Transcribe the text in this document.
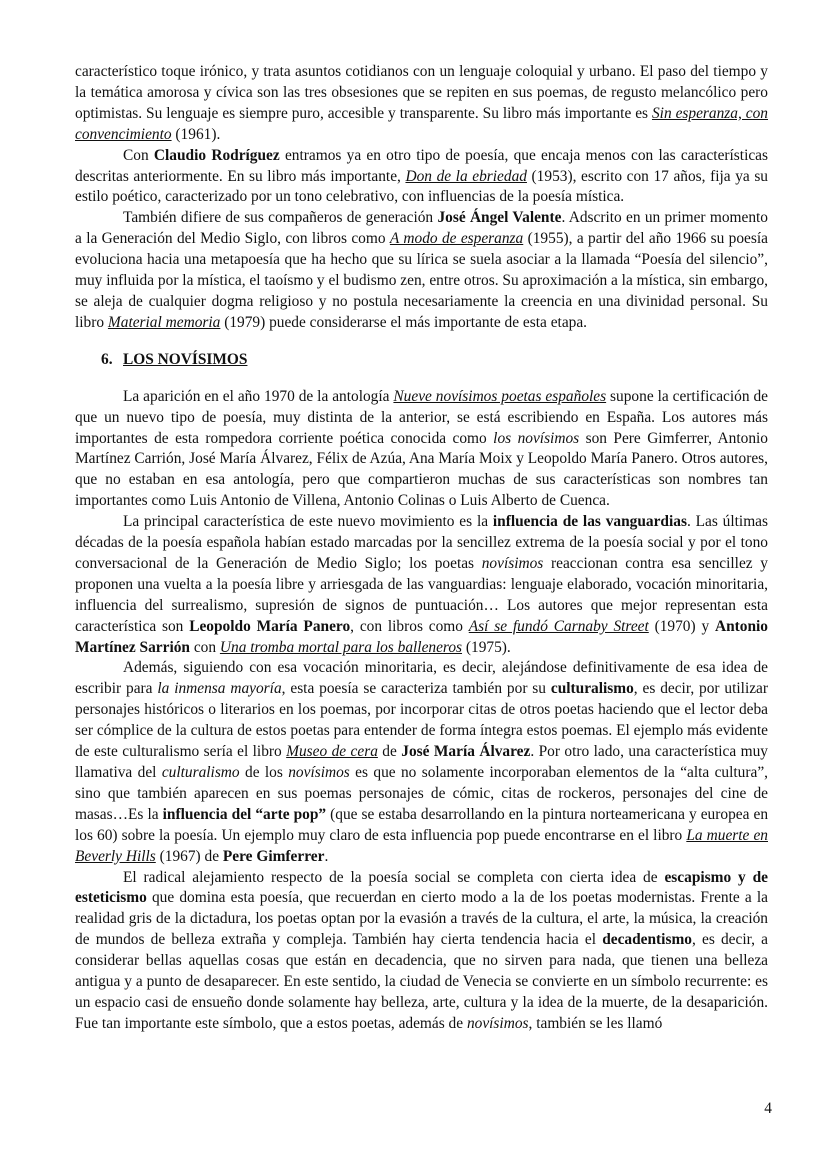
característico toque irónico, y trata asuntos cotidianos con un lenguaje coloquial y urbano. El paso del tiempo y la temática amorosa y cívica son las tres obsesiones que se repiten en sus poemas, de regusto melancólico pero optimistas. Su lenguaje es siempre puro, accesible y transparente. Su libro más importante es Sin esperanza, con convencimiento (1961).

Con Claudio Rodríguez entramos ya en otro tipo de poesía, que encaja menos con las características descritas anteriormente. En su libro más importante, Don de la ebriedad (1953), escrito con 17 años, fija ya su estilo poético, caracterizado por un tono celebrativo, con influencias de la poesía mística.

También difiere de sus compañeros de generación José Ángel Valente. Adscrito en un primer momento a la Generación del Medio Siglo, con libros como A modo de esperanza (1955), a partir del año 1966 su poesía evoluciona hacia una metapoesía que ha hecho que su lírica se suela asociar a la llamada “Poesía del silencio”, muy influida por la mística, el taoísmo y el budismo zen, entre otros. Su aproximación a la mística, sin embargo, se aleja de cualquier dogma religioso y no postula necesariamente la creencia en una divinidad personal. Su libro Material memoria (1979) puede considerarse el más importante de esta etapa.

6. LOS NOVÍSIMOS

La aparición en el año 1970 de la antología Nueve novísimos poetas españoles supone la certificación de que un nuevo tipo de poesía, muy distinta de la anterior, se está escribiendo en España. Los autores más importantes de esta rompedora corriente poética conocida como los novísimos son Pere Gimferrer, Antonio Martínez Carrión, José María Álvarez, Félix de Azúa, Ana María Moix y Leopoldo María Panero. Otros autores, que no estaban en esa antología, pero que compartieron muchas de sus características son nombres tan importantes como Luis Antonio de Villena, Antonio Colinas o Luis Alberto de Cuenca.

La principal característica de este nuevo movimiento es la influencia de las vanguardias. Las últimas décadas de la poesía española habían estado marcadas por la sencillez extrema de la poesía social y por el tono conversacional de la Generación de Medio Siglo; los poetas novísimos reaccionan contra esa sencillez y proponen una vuelta a la poesía libre y arriesgada de las vanguardias: lenguaje elaborado, vocación minoritaria, influencia del surrealismo, supresión de signos de puntuación… Los autores que mejor representan esta característica son Leopoldo María Panero, con libros como Así se fundó Carnaby Street (1970) y Antonio Martínez Sarrión con Una tromba mortal para los balleneros (1975).

Además, siguiendo con esa vocación minoritaria, es decir, alejándose definitivamente de esa idea de escribir para la inmensa mayoría, esta poesía se caracteriza también por su culturalismo, es decir, por utilizar personajes históricos o literarios en los poemas, por incorporar citas de otros poetas haciendo que el lector deba ser cómplice de la cultura de estos poetas para entender de forma íntegra estos poemas. El ejemplo más evidente de este culturalismo sería el libro Museo de cera de José María Álvarez. Por otro lado, una característica muy llamativa del culturalismo de los novísimos es que no solamente incorporaban elementos de la “alta cultura”, sino que también aparecen en sus poemas personajes de cómic, citas de rockeros, personajes del cine de masas…Es la influencia del “arte pop” (que se estaba desarrollando en la pintura norteamericana y europea en los 60) sobre la poesía. Un ejemplo muy claro de esta influencia pop puede encontrarse en el libro La muerte en Beverly Hills (1967) de Pere Gimferrer.

El radical alejamiento respecto de la poesía social se completa con cierta idea de escapismo y de esteticismo que domina esta poesía, que recuerdan en cierto modo a la de los poetas modernistas. Frente a la realidad gris de la dictadura, los poetas optan por la evasión a través de la cultura, el arte, la música, la creación de mundos de belleza extraña y compleja. También hay cierta tendencia hacia el decadentismo, es decir, a considerar bellas aquellas cosas que están en decadencia, que no sirven para nada, que tienen una belleza antigua y a punto de desaparecer. En este sentido, la ciudad de Venecia se convierte en un símbolo recurrente: es un espacio casi de ensueño donde solamente hay belleza, arte, cultura y la idea de la muerte, de la desaparición. Fue tan importante este símbolo, que a estos poetas, además de novísimos, también se les llamó

4
